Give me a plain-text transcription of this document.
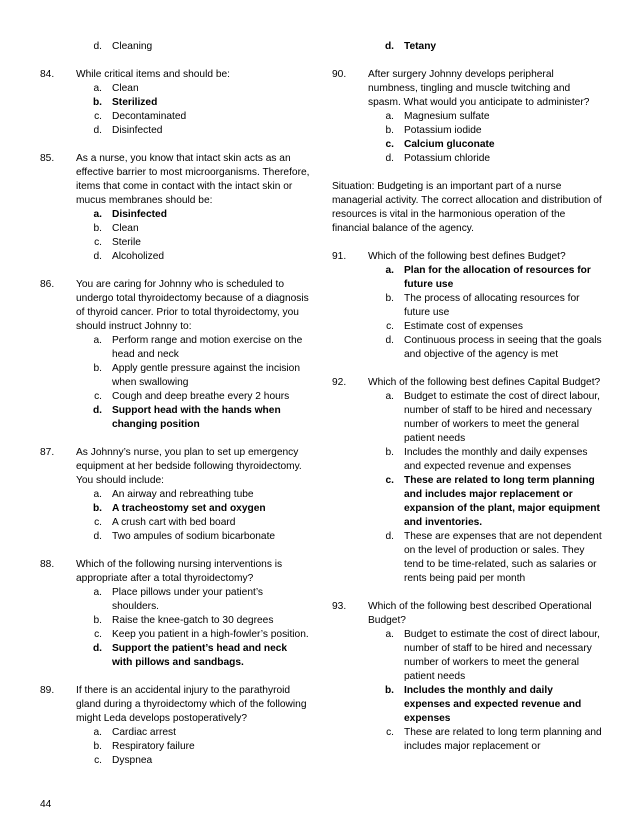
d. Cleaning
84.	While critical items and should be:
a. Clean
b. Sterilized
c. Decontaminated
d. Disinfected
85.	As a nurse, you know that intact skin acts as an effective barrier to most microorganisms. Therefore, items that come in contact with the intact skin or mucus membranes should be:
a. Disinfected
b. Clean
c. Sterile
d. Alcoholized
86.	You are caring for Johnny who is scheduled to undergo total thyroidectomy because of a diagnosis of thyroid cancer. Prior to total thyroidectomy, you should instruct Johnny to:
a. Perform range and motion exercise on the head and neck
b. Apply gentle pressure against the incision when swallowing
c. Cough and deep breathe every 2 hours
d. Support head with the hands when changing position
87.	As Johnny’s nurse, you plan to set up emergency equipment at her bedside following thyroidectomy. You should include:
a. An airway and rebreathing tube
b. A tracheostomy set and oxygen
c. A crush cart with bed board
d. Two ampules of sodium bicarbonate
88.	Which of the following nursing interventions is appropriate after a total thyroidectomy?
a. Place pillows under your patient’s shoulders.
b. Raise the knee-gatch to 30 degrees
c. Keep you patient in a high-fowler’s position.
d. Support the patient’s head and neck with pillows and sandbags.
89.	If there is an accidental injury to the parathyroid gland during a thyroidectomy which of the following might Leda develops postoperatively?
a. Cardiac arrest
b. Respiratory failure
c. Dyspnea
d. Tetany
90.	After surgery Johnny develops peripheral numbness, tingling and muscle twitching and spasm. What would you anticipate to administer?
a. Magnesium sulfate
b. Potassium iodide
c. Calcium gluconate
d. Potassium chloride

Situation: Budgeting is an important part of a nurse managerial activity. The correct allocation and distribution of resources is vital in the harmonious operation of the financial balance of the agency.

91.	Which of the following best defines Budget?
a. Plan for the allocation of resources for future use
b. The process of allocating resources for future use
c. Estimate cost of expenses
d. Continuous process in seeing that the goals and objective of the agency is met
92.	Which of the following best defines Capital Budget?
a. Budget to estimate the cost of direct labour, number of staff to be hired and necessary number of workers to meet the general patient needs
b. Includes the monthly and daily expenses and expected revenue and expenses
c. These are related to long term planning and includes major replacement or expansion of the plant, major equipment and inventories.
d. These are expenses that are not dependent on the level of production or sales. They tend to be time-related, such as salaries or rents being paid per month
93.	Which of the following best described Operational Budget?
a. Budget to estimate the cost of direct labour, number of staff to be hired and necessary number of workers to meet the general patient needs
b. Includes the monthly and daily expenses and expected revenue and expenses
c. These are related to long term planning and includes major replacement or
44
